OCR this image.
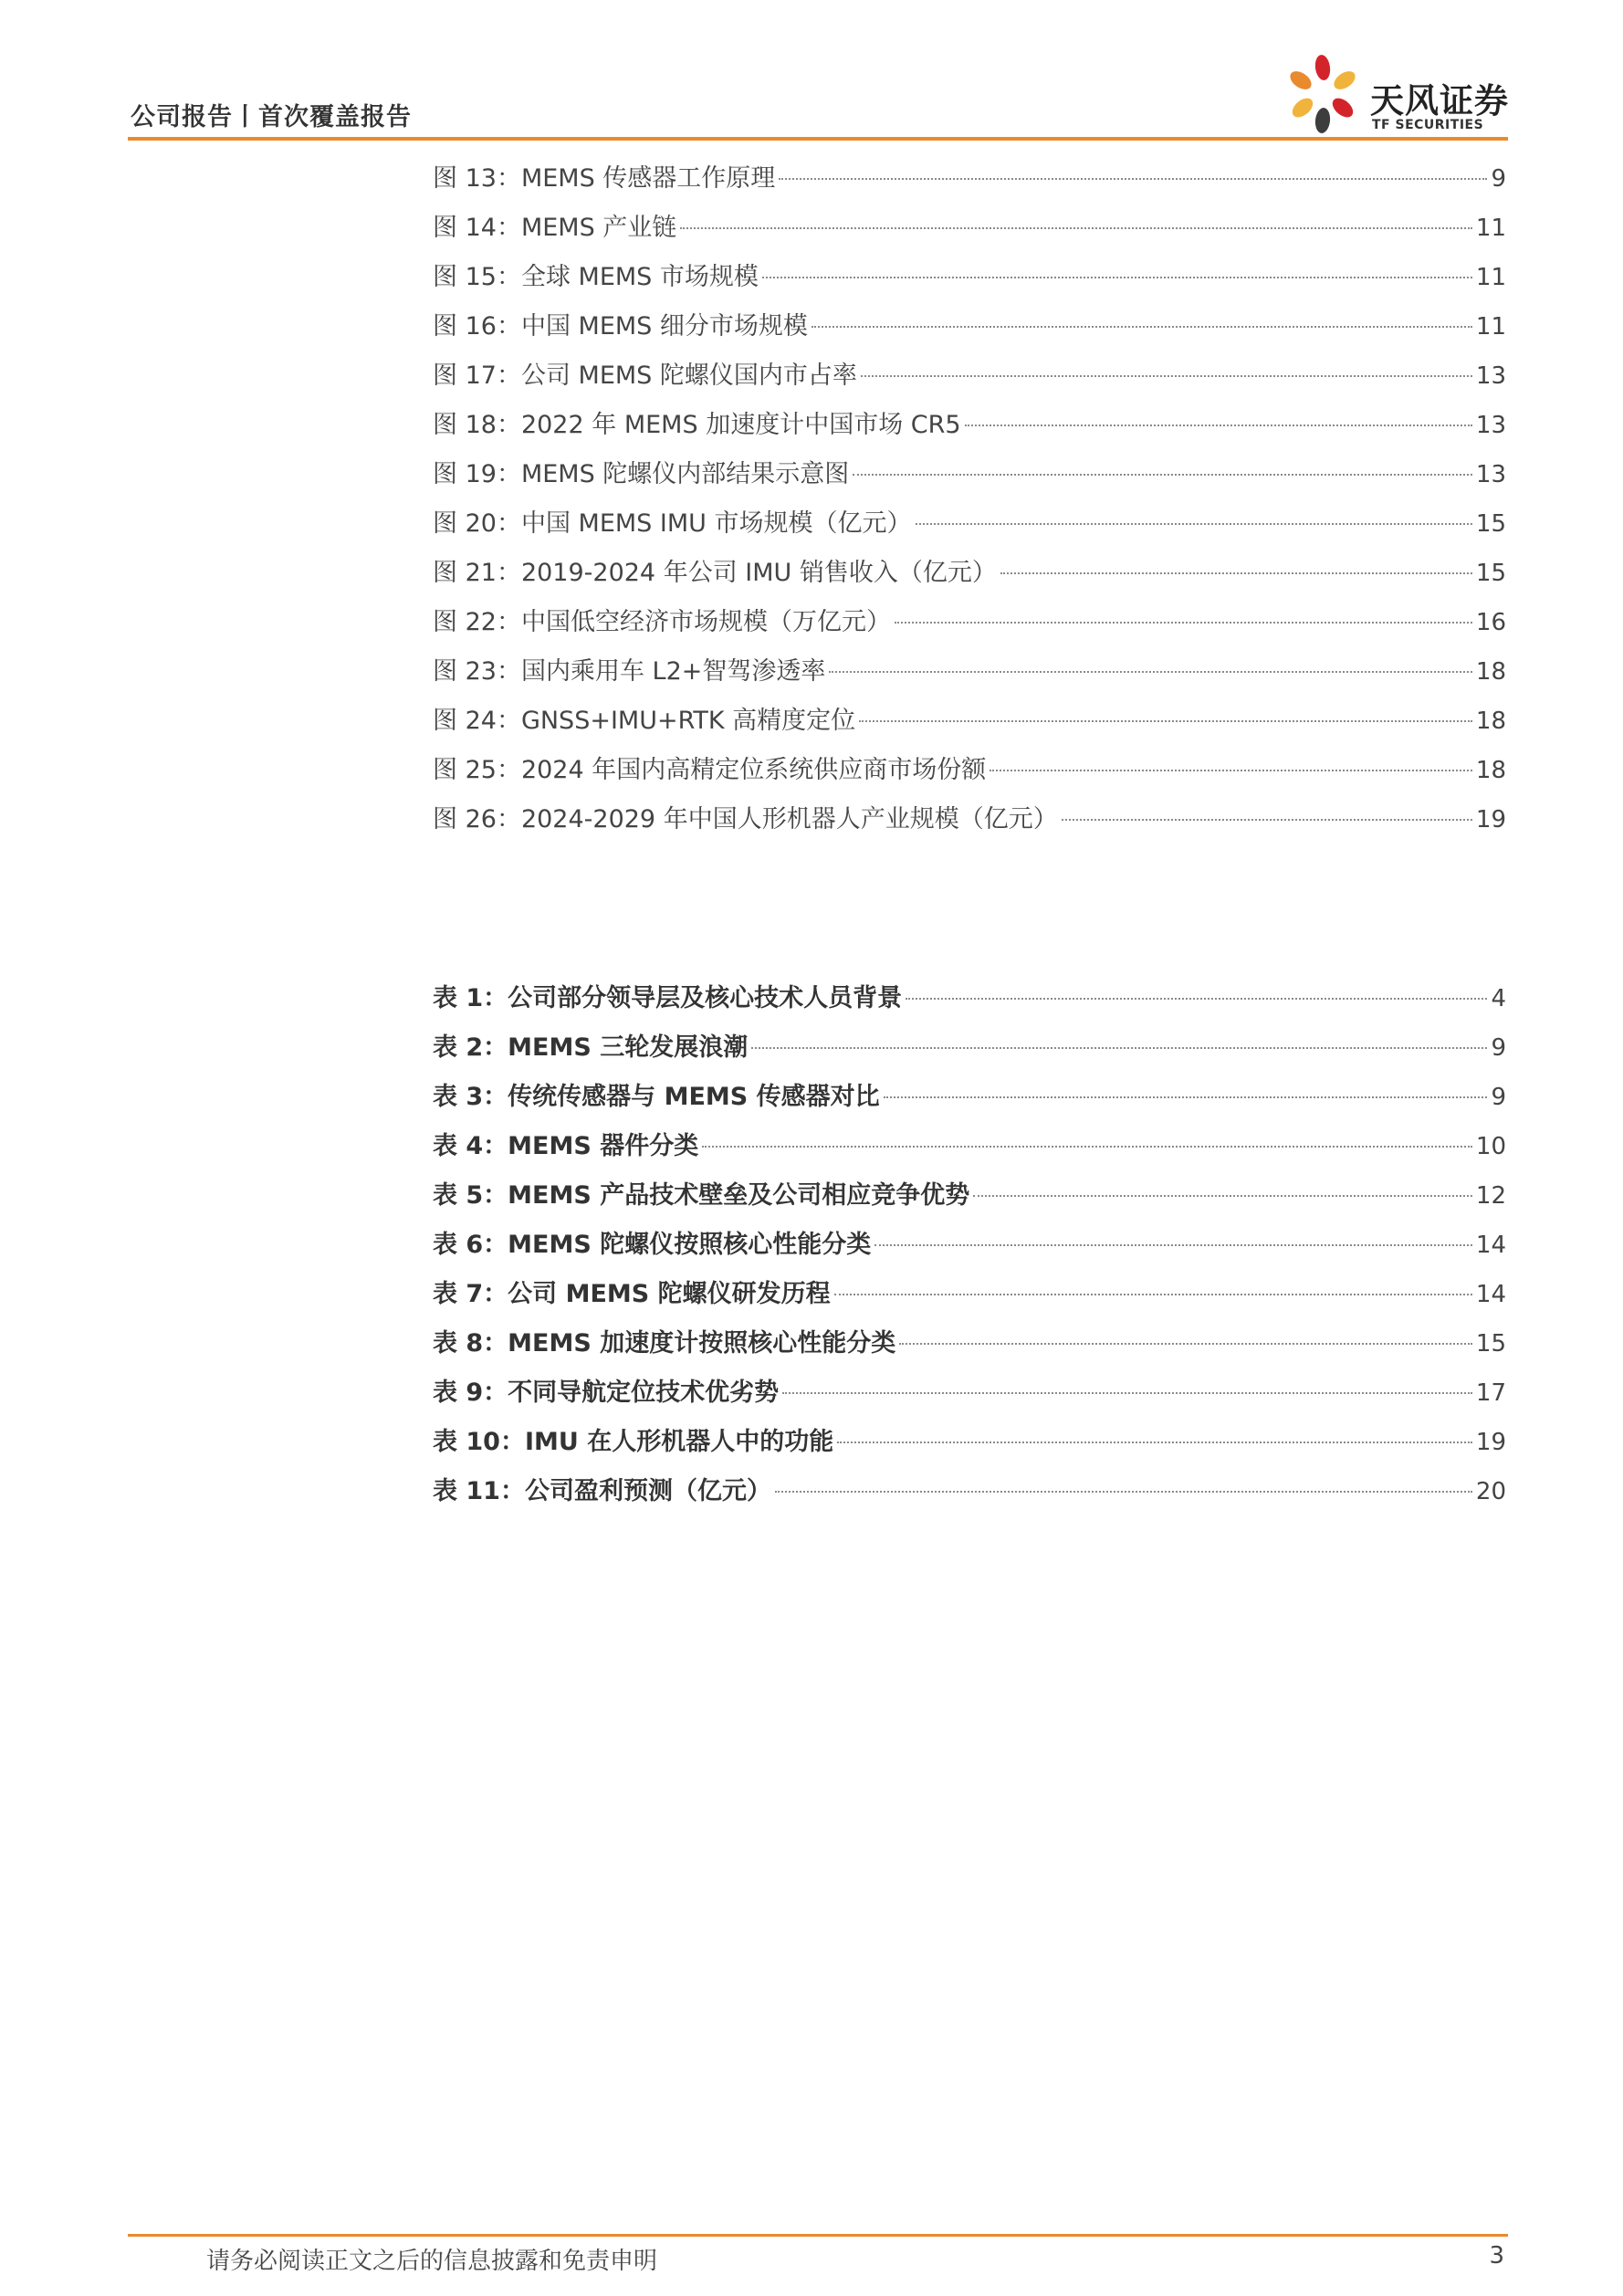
公司报告丨首次覆盖报告	天风证券
TF SECURITIES
图 13：MEMS 传感器工作原理	9
图 14：MEMS 产业链	11
图 15：全球 MEMS 市场规模	11
图 16：中国 MEMS 细分市场规模	11
图 17：公司 MEMS 陀螺仪国内市占率	13
图 18：2022 年 MEMS 加速度计中国市场 CR5	13
图 19：MEMS 陀螺仪内部结果示意图	13
图 20：中国 MEMS IMU 市场规模（亿元）	15
图 21：2019-2024 年公司 IMU 销售收入（亿元）	15
图 22：中国低空经济市场规模（万亿元）	16
图 23：国内乘用车 L2+智驾渗透率	18
图 24：GNSS+IMU+RTK 高精度定位	18
图 25：2024 年国内高精定位系统供应商市场份额	18
图 26：2024-2029 年中国人形机器人产业规模（亿元）	19
表 1：公司部分领导层及核心技术人员背景	4
表 2：MEMS 三轮发展浪潮	9
表 3：传统传感器与 MEMS 传感器对比	9
表 4：MEMS 器件分类	10
表 5：MEMS 产品技术壁垒及公司相应竞争优势	12
表 6：MEMS 陀螺仪按照核心性能分类	14
表 7：公司 MEMS 陀螺仪研发历程	14
表 8：MEMS 加速度计按照核心性能分类	15
表 9：不同导航定位技术优劣势	17
表 10：IMU 在人形机器人中的功能	19
表 11：公司盈利预测（亿元）	20
请务必阅读正文之后的信息披露和免责申明	3
